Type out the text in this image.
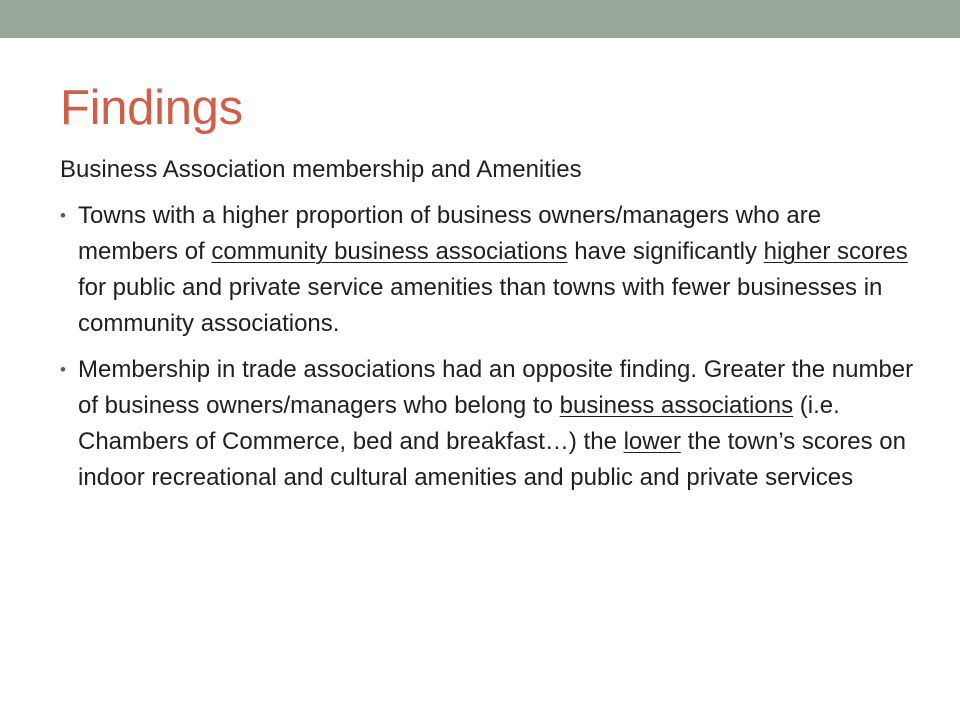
Findings

Business Association membership and Amenities

• Towns with a higher proportion of business owners/managers who are members of community business associations have significantly higher scores for public and private service amenities than towns with fewer businesses in community associations.
• Membership in trade associations had an opposite finding. Greater the number of business owners/managers who belong to business associations (i.e. Chambers of Commerce, bed and breakfast…) the lower the town’s scores on indoor recreational and cultural amenities and public and private services
